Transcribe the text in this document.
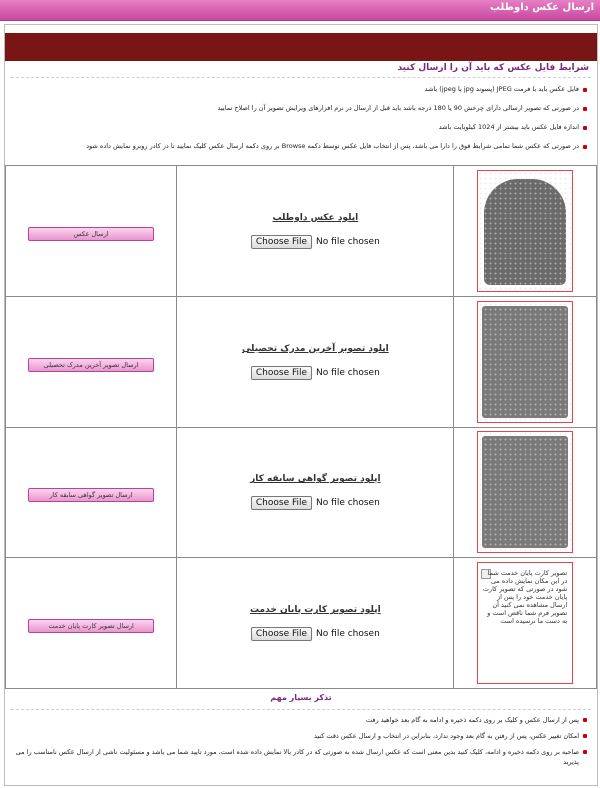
ارسال عکس داوطلب
شرایط فایل عکس که باید آن را ارسال کنید
فایل عکس باید با فرمت JPEG (پسوند jpg یا jpeg) باشد
در صورتی که تصویر ارسالی دارای چرخش 90 یا 180 درجه باشد باید قبل از ارسال در نرم افزارهای ویرایش تصویر آن را اصلاح نمایید
اندازه فایل عکس باید بیشتر از 1024 کیلوبایت باشد
در صورتی که عکس شما تمامی شرایط فوق را دارا می باشد، پس از انتخاب فایل عکس توسط دکمه Browse بر روی دکمه ارسال عکس کلیک نمایید تا در کادر روبرو نمایش داده شود
ارسال عکس	اپلود عکس داوطلب
Choose File No file chosen	

ارسال تصویر آخرین مدرک تحصیلی	اپلود تصویر آخرین مدرک تحصیلی
Choose File No file chosen	

ارسال تصویر گواهی سابقه کار	اپلود تصویر گواهی سابقه کار
Choose File No file chosen	

ارسال تصویر کارت پایان خدمت	اپلود تصویر کارت پایان خدمت
Choose File No file chosen	تصویر کارت پایان خدمت شما در این مکان نمایش داده می شود در صورتی که تصویر کارت پایان خدمت خود را پس از ارسال مشاهده نمی کنید آن تصویر فرم شما ناقص است و به دست ما نرسیده است
تذکر بسیار مهم
پس از ارسال عکس و کلیک بر روی دکمه ذخیره و ادامه به گام بعد خواهید رفت
امکان تغییر عکس، پس از رفتن به گام بعد وجود ندارد، بنابراین در انتخاب و ارسال عکس دقت کنید
صاحبه بر روی دکمه ذخیره و ادامه، کلیک کنید بدین معنی است که عکس ارسال شده به صورتی که در کادر بالا نمایش داده شده است، مورد تایید شما می باشد و مسئولیت ناشی از ارسال عکس نامناسب را می پذیرید
